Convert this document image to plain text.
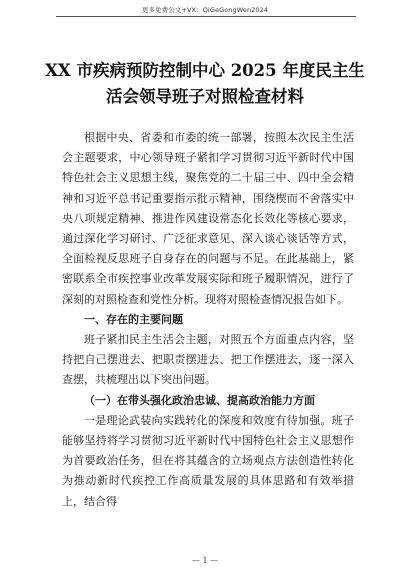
更多免费公文+VX：QiGeGongWen2024
XX 市疾病预防控制中心 2025 年度民主生活会领导班子对照检查材料

根据中央、省委和市委的统一部署，按照本次民主生活会主题要求，中心领导班子紧扣学习贯彻习近平新时代中国特色社会主义思想主线，聚焦党的二十届三中、四中全会精神和习近平总书记重要指示批示精神，围绕楔而不舍落实中央八项规定精神、推进作风建设常态化长效化等核心要求，通过深化学习研讨、广泛征求意见、深入谈心谈话等方式，全面检视反思班子自身存在的问题与不足。在此基础上，紧密联系全市疾控事业改革发展实际和班子履职情况，进行了深刻的对照检查和党性分析。现将对照检查情况报告如下。

一、存在的主要问题

班子紧扣民主生活会主题，对照五个方面重点内容，坚持把自己摆进去、把职责摆进去、把工作摆进去，逐一深入查摆，共梳理出以下突出问题。

（一）在带头强化政治忠诚、提高政治能力方面

一是理论武装向实践转化的深度和效度有待加强。班子能够坚持将学习贯彻习近平新时代中国特色社会主义思想作为首要政治任务，但在将其蕴含的立场观点方法创造性转化为推动新时代疾控工作高质量发展的具体思路和有效举措上，结合得

— 1 —
